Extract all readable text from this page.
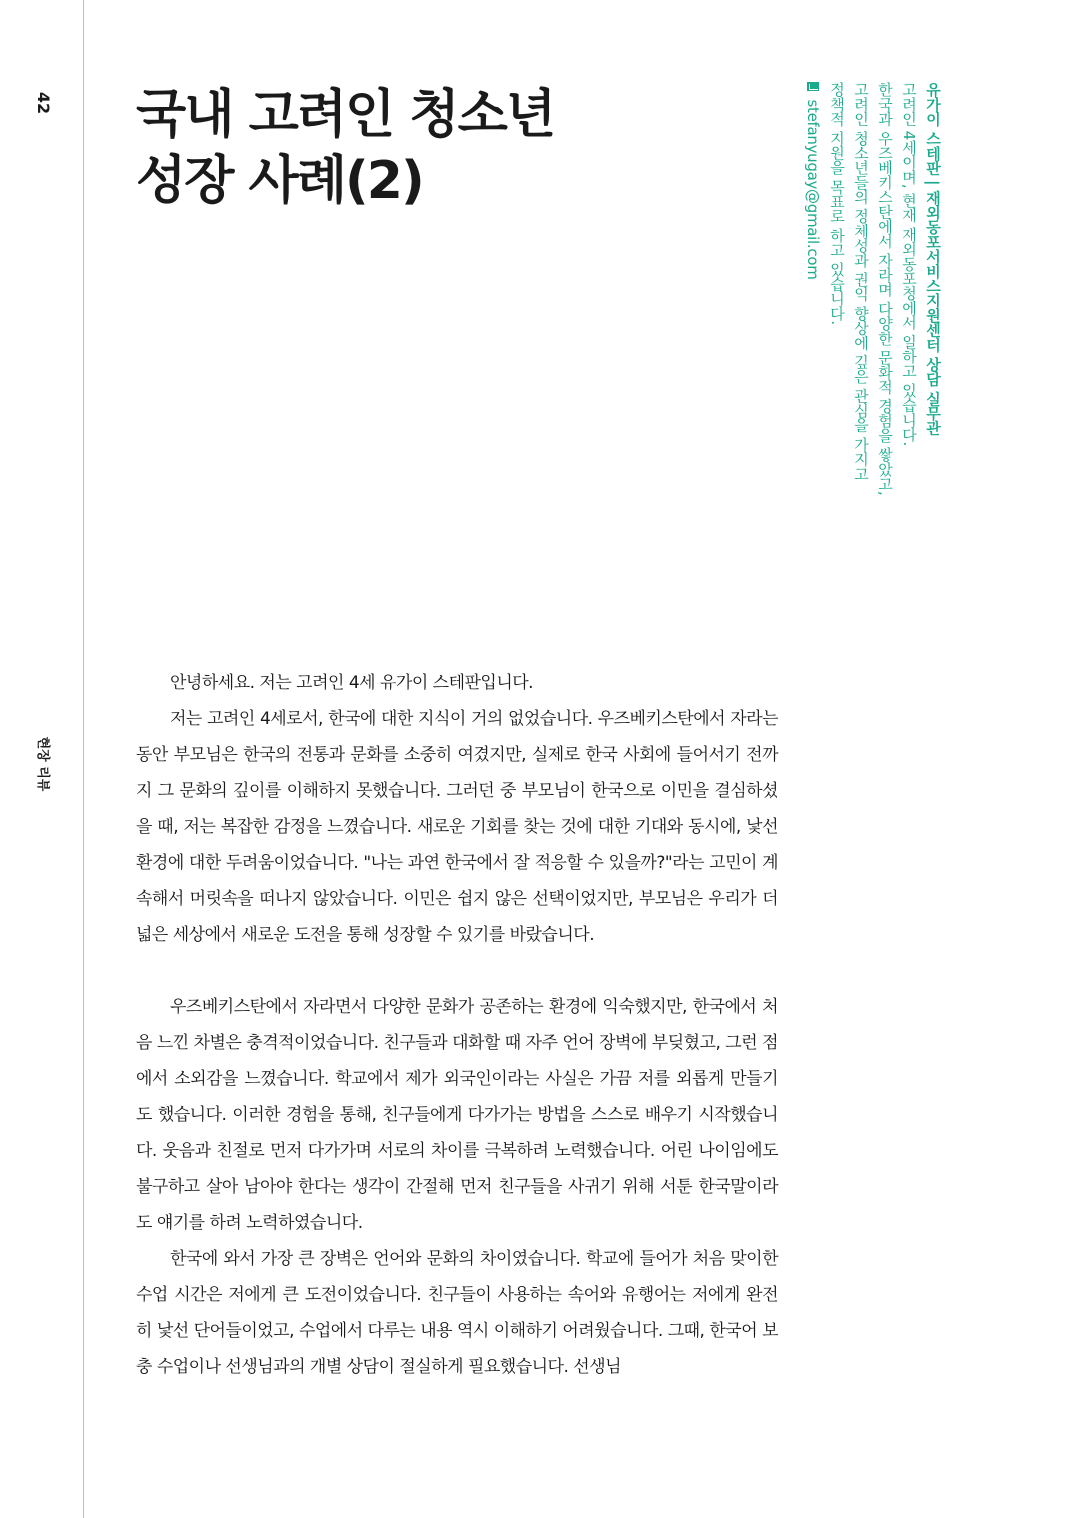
42
현장 리뷰
국내 고려인 청소년
성장 사례(2)	유가이 스테판 | 재외동포서비스지원센터 상담 실무관
고려인 4세이며, 현재 재외동포청에서 일하고 있습니다.
한국과 우즈베키스탄에서 자라며 다양한 문화적 경험을 쌓았고,
고려인 청소년들의 정체성과 권익 향상에 깊은 관심을 가지고
정책적 지원을 목표로 하고 있습니다.
stefanyugay@gmail.com

안녕하세요. 저는 고려인 4세 유가이 스테판입니다.

저는 고려인 4세로서, 한국에 대한 지식이 거의 없었습니다. 우즈베키스탄에서 자라는 동안 부모님은 한국의 전통과 문화를 소중히 여겼지만, 실제로 한국 사회에 들어서기 전까지 그 문화의 깊이를 이해하지 못했습니다. 그러던 중 부모님이 한국으로 이민을 결심하셨을 때, 저는 복잡한 감정을 느꼈습니다. 새로운 기회를 찾는 것에 대한 기대와 동시에, 낯선 환경에 대한 두려움이었습니다. "나는 과연 한국에서 잘 적응할 수 있을까?"라는 고민이 계속해서 머릿속을 떠나지 않았습니다. 이민은 쉽지 않은 선택이었지만, 부모님은 우리가 더 넓은 세상에서 새로운 도전을 통해 성장할 수 있기를 바랐습니다.

우즈베키스탄에서 자라면서 다양한 문화가 공존하는 환경에 익숙했지만, 한국에서 처음 느낀 차별은 충격적이었습니다. 친구들과 대화할 때 자주 언어 장벽에 부딪혔고, 그런 점에서 소외감을 느꼈습니다. 학교에서 제가 외국인이라는 사실은 가끔 저를 외롭게 만들기도 했습니다. 이러한 경험을 통해, 친구들에게 다가가는 방법을 스스로 배우기 시작했습니다. 웃음과 친절로 먼저 다가가며 서로의 차이를 극복하려 노력했습니다. 어린 나이임에도 불구하고 살아 남아야 한다는 생각이 간절해 먼저 친구들을 사귀기 위해 서툰 한국말이라도 얘기를 하려 노력하였습니다.

한국에 와서 가장 큰 장벽은 언어와 문화의 차이였습니다. 학교에 들어가 처음 맞이한 수업 시간은 저에게 큰 도전이었습니다. 친구들이 사용하는 속어와 유행어는 저에게 완전히 낯선 단어들이었고, 수업에서 다루는 내용 역시 이해하기 어려웠습니다. 그때, 한국어 보충 수업이나 선생님과의 개별 상담이 절실하게 필요했습니다. 선생님
